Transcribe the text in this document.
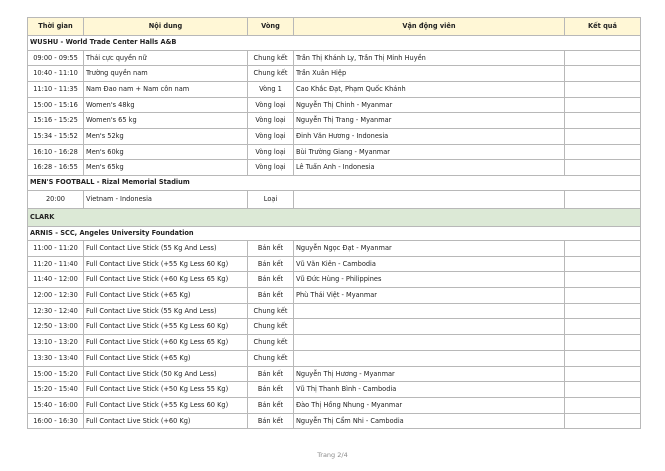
Thời gian	Nội dung	Vòng	Vận động viên	Kết quả
WUSHU - World Trade Center Halls A&B				
09:00 - 09:55	Thái cực quyền nữ	Chung kết	Trần Thị Khánh Ly, Trần Thị Minh Huyền	
10:40 - 11:10	Trường quyền nam	Chung kết	Trần Xuân Hiệp	
11:10 - 11:35	Nam Đao nam + Nam côn nam	Vòng 1	Cao Khắc Đạt, Phạm Quốc Khánh	
15:00 - 15:16	Women's 48kg	Vòng loại	Nguyễn Thị Chinh - Myanmar	
15:16 - 15:25	Women's 65 kg	Vòng loại	Nguyễn Thị Trang - Myanmar	
15:34 - 15:52	Men's 52kg	Vòng loại	Đinh Văn Hương - Indonesia	
16:10 - 16:28	Men's 60kg	Vòng loại	Bùi Trường Giang - Myanmar	
16:28 - 16:55	Men's 65kg	Vòng loại	Lê Tuấn Anh - Indonesia	
MEN'S FOOTBALL - Rizal Memorial Stadium				
20:00	Vietnam - Indonesia	Loại		
CLARK				
ARNIS - SCC, Angeles University Foundation				
11:00 - 11:20	Full Contact Live Stick (55 Kg And Less)	Bán kết	Nguyễn Ngọc Đạt - Myanmar	
11:20 - 11:40	Full Contact Live Stick (+55 Kg Less 60 Kg)	Bán kết	Vũ Văn Kiên - Cambodia	
11:40 - 12:00	Full Contact Live Stick (+60 Kg Less 65 Kg)	Bán kết	Vũ Đức Hùng - Philippines	
12:00 - 12:30	Full Contact Live Stick (+65 Kg)	Bán kết	Phù Thái Việt - Myanmar	
12:30 - 12:40	Full Contact Live Stick (55 Kg And Less)	Chung kết		
12:50 - 13:00	Full Contact Live Stick (+55 Kg Less 60 Kg)	Chung kết		
13:10 - 13:20	Full Contact Live Stick (+60 Kg Less 65 Kg)	Chung kết		
13:30 - 13:40	Full Contact Live Stick (+65 Kg)	Chung kết		
15:00 - 15:20	Full Contact Live Stick (50 Kg And Less)	Bán kết	Nguyễn Thị Hương - Myanmar	
15:20 - 15:40	Full Contact Live Stick (+50 Kg Less 55 Kg)	Bán kết	Vũ Thị Thanh Bình - Cambodia	
15:40 - 16:00	Full Contact Live Stick (+55 Kg Less 60 Kg)	Bán kết	Đào Thị Hồng Nhung - Myanmar	
16:00 - 16:30	Full Contact Live Stick (+60 Kg)	Bán kết	Nguyễn Thị Cẩm Nhi - Cambodia	
Trang 2/4
